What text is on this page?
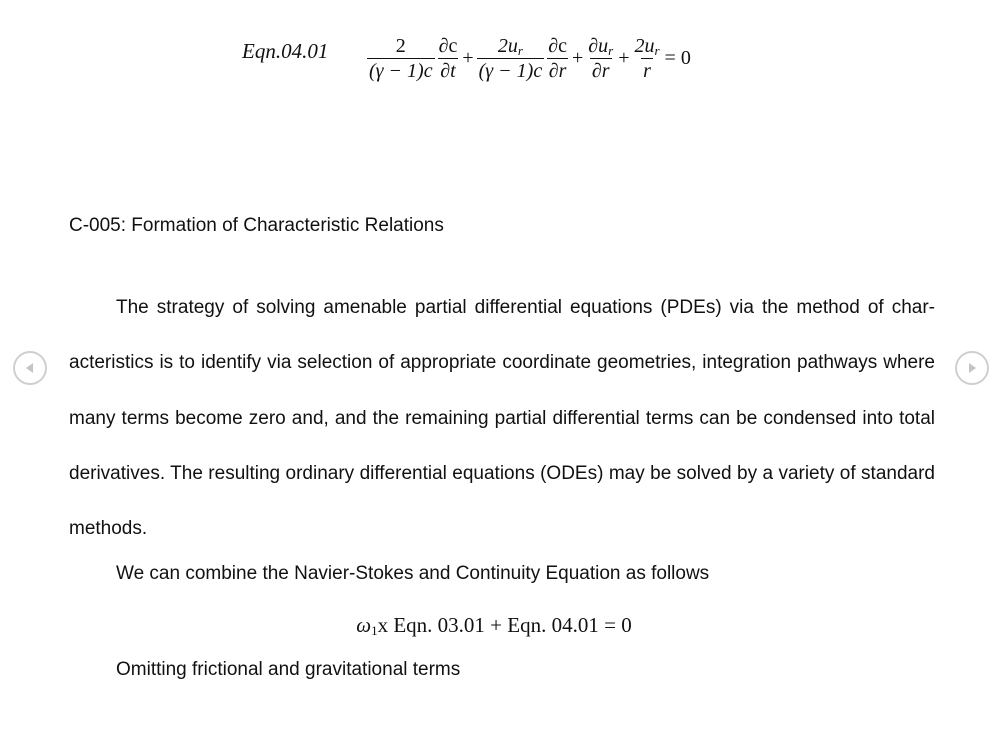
$Eqn.04.01 \frac{2}{(\gamma - 1)c} \frac{\partial c}{\partial t} + \frac{2u_r}{(\gamma - 1)c} \frac{\partial c}{\partial r} + \frac{\partial u_r}{\partial r} + \frac{2u_r}{r} = 0$
C-005: Formation of Characteristic Relations

The strategy of solving amenable partial differential equations (PDEs) via the method of char-acteristics is to identify via selection of appropriate coordinate geometries, integration pathways where many terms become zero and, and the remaining partial differential terms can be condensed into total derivatives. The resulting ordinary differential equations (ODEs) may be solved by a variety of standard methods.

We can combine the Navier-Stokes and Continuity Equation as follows
$\omega_1x$ Eqn. 03.01 + Eqn. 04.01 = 0
Omitting frictional and gravitational terms
